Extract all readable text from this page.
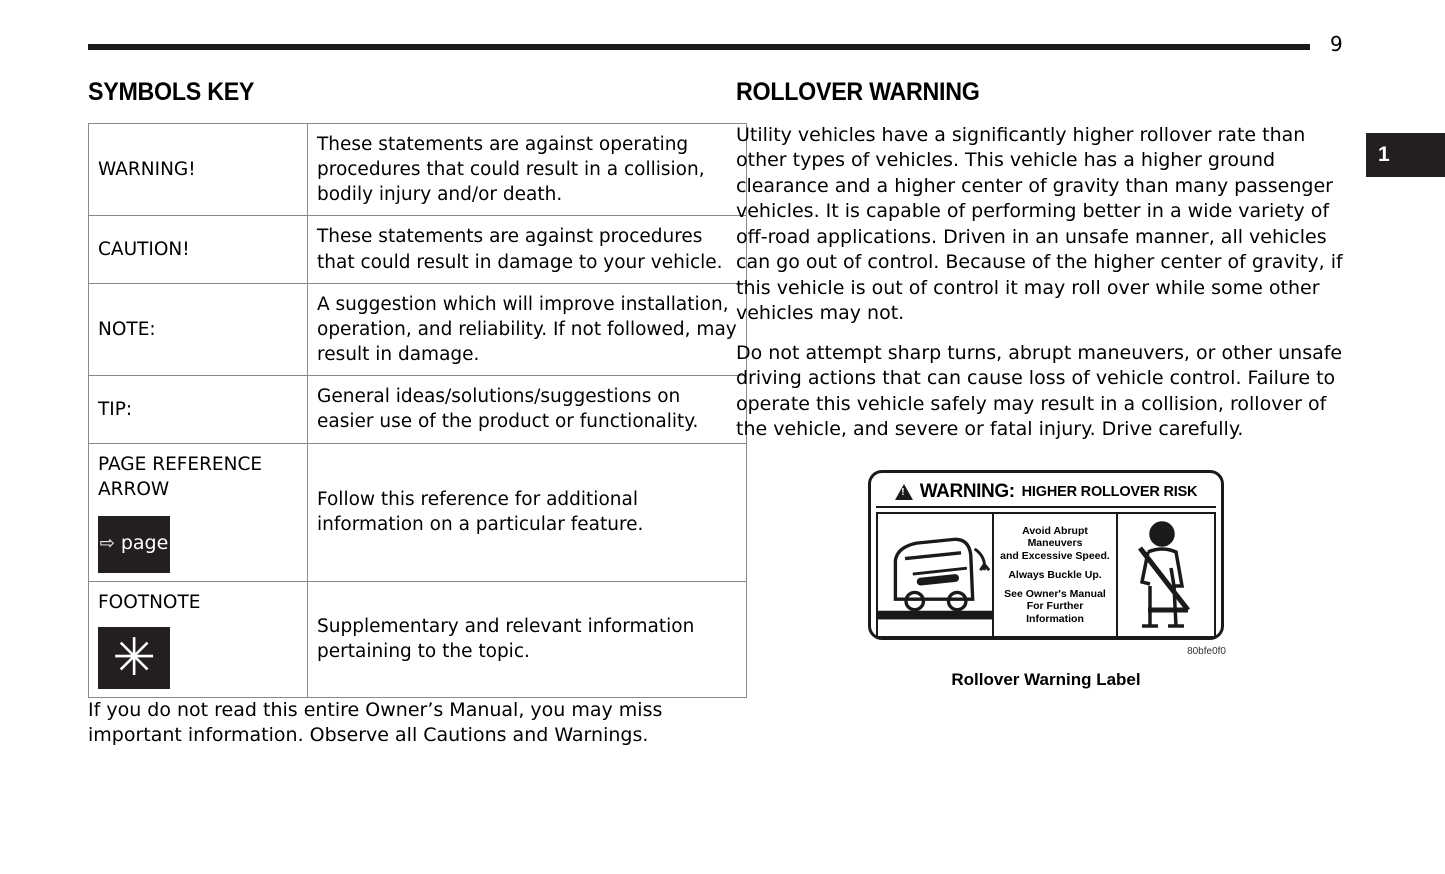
9
1
SYMBOLS KEY
WARNING!	These statements are against operating procedures that could result in a collision, bodily injury and/or death.

CAUTION!	These statements are against procedures that could result in damage to your vehicle.

NOTE:	A suggestion which will improve installation, operation, and reliability. If not followed, may result in damage.

TIP:	General ideas/solutions/suggestions on easier use of the product or functionality.

PAGE REFERENCE ARROW
⇨ page	Follow this reference for additional information on a particular feature.

FOOTNOTE
✳	Supplementary and relevant information pertaining to the topic.

If you do not read this entire Owner’s Manual, you may miss important information. Observe all Cautions and Warnings.

ROLLOVER WARNING

Utility vehicles have a significantly higher rollover rate than other types of vehicles. This vehicle has a higher ground clearance and a higher center of gravity than many passenger vehicles. It is capable of performing better in a wide variety of off-road applications. Driven in an unsafe manner, all vehicles can go out of control. Because of the higher center of gravity, if this vehicle is out of control it may roll over while some other vehicles may not.

Do not attempt sharp turns, abrupt maneuvers, or other unsafe driving actions that can cause loss of vehicle control. Failure to operate this vehicle safely may result in a collision, rollover of the vehicle, and severe or fatal injury. Drive carefully.

!
WARNING: HIGHER ROLLOVER RISK
Avoid Abrupt Maneuvers
and Excessive Speed.
Always Buckle Up.
See Owner's Manual
For Further Information
80bfe0f0
Rollover Warning Label
